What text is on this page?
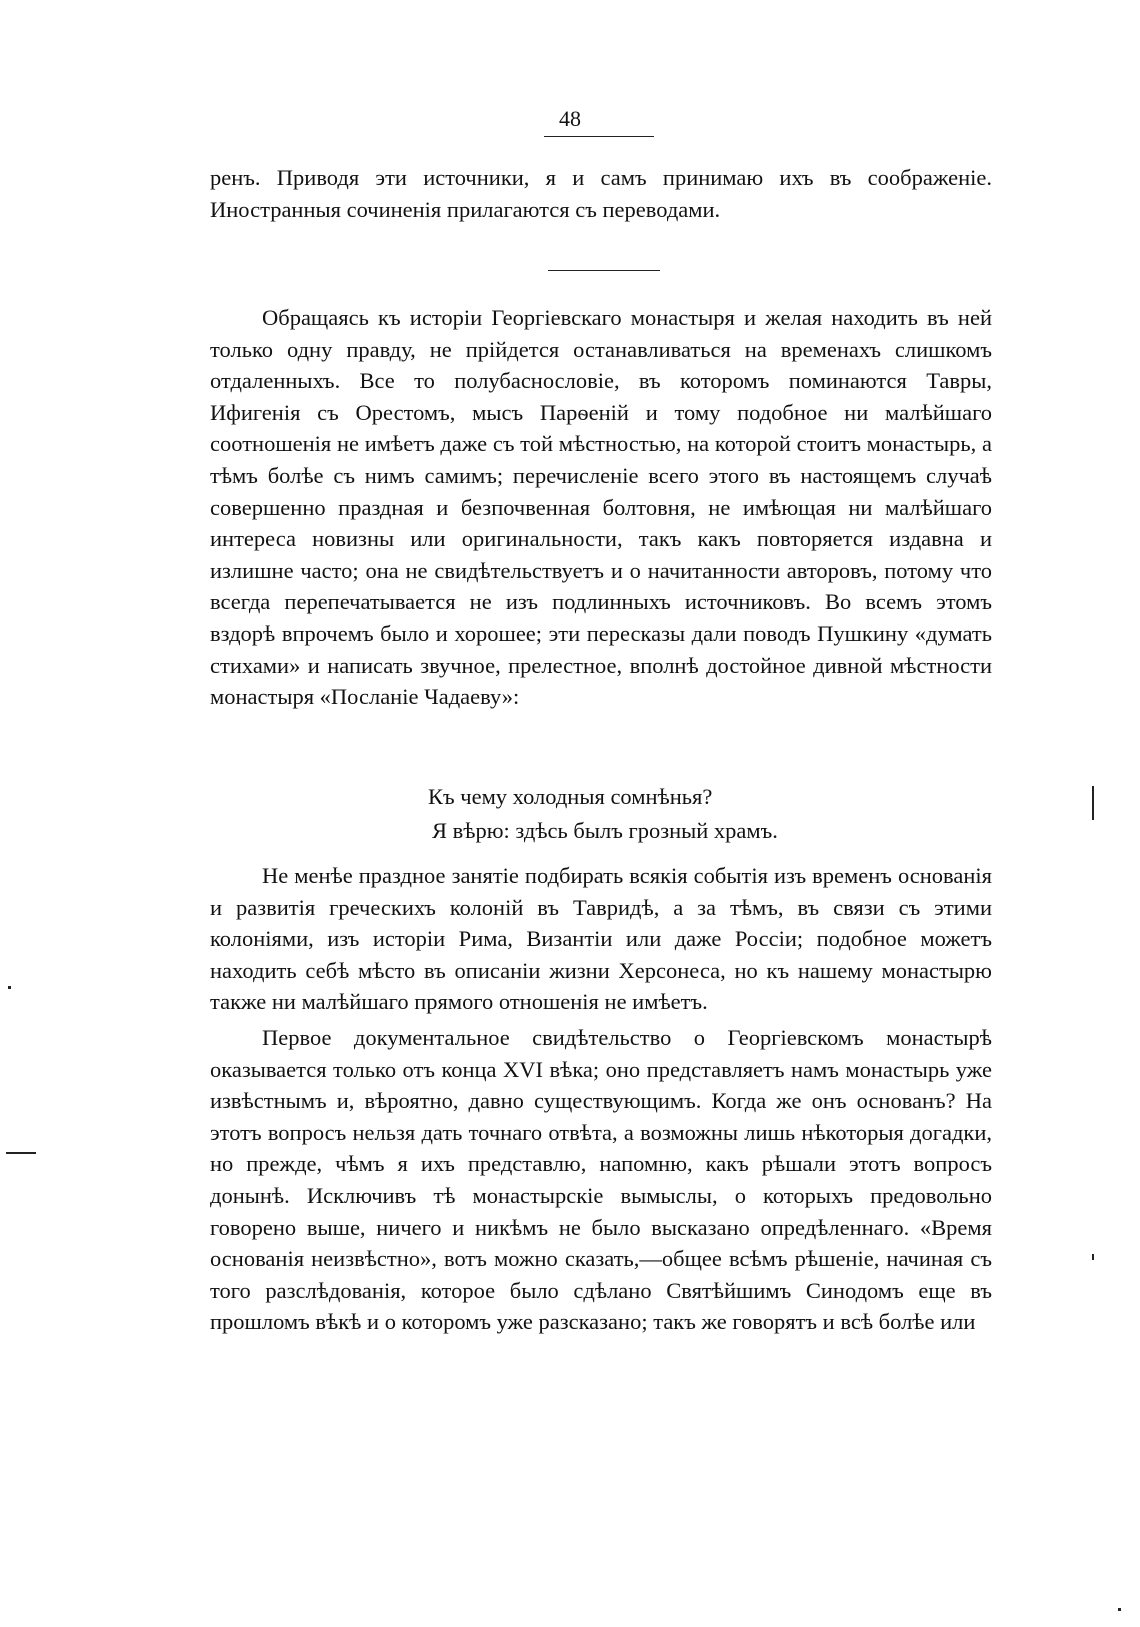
48

ренъ. Приводя эти источники, я и самъ принимаю ихъ въ соображеніе. Иностранныя сочиненія прилагаются съ переводами.

Обращаясь къ исторіи Георгіевскаго монастыря и желая находить въ ней только одну правду, не прійдется останавливаться на временахъ слишкомъ отдаленныхъ. Все то полубаснословіе, въ которомъ поминаются Тавры, Ифигенія съ Орестомъ, мысъ Парѳеній и тому подобное ни малѣйшаго соотношенія не имѣетъ даже съ той мѣстностью, на которой стоитъ монастырь, а тѣмъ болѣе съ нимъ самимъ; перечисленіе всего этого въ настоящемъ случаѣ совершенно праздная и безпочвенная болтовня, не имѣющая ни малѣйшаго интереса новизны или оригинальности, такъ какъ повторяется издавна и излишне часто; она не свидѣтельствуетъ и о начитанности авторовъ, потому что всегда перепечатывается не изъ подлинныхъ источниковъ. Во всемъ этомъ вздорѣ впрочемъ было и хорошее; эти пересказы дали поводъ Пушкину «думать стихами» и написать звучное, прелестное, вполнѣ достойное дивной мѣстности монастыря «Посланіе Чадаеву»:

Къ чему холодныя сомнѣнья?
Я вѣрю: здѣсь былъ грозный храмъ.

Не менѣе праздное занятіе подбирать всякія событія изъ временъ основанія и развитія греческихъ колоній въ Тавридѣ, а за тѣмъ, въ связи съ этими колоніями, изъ исторіи Рима, Византіи или даже Россіи; подобное можетъ находить себѣ мѣсто въ описаніи жизни Херсонеса, но къ нашему монастырю также ни малѣйшаго прямого отношенія не имѣетъ.

Первое документальное свидѣтельство о Георгіевскомъ монастырѣ оказывается только отъ конца XVI вѣка; оно представляетъ намъ монастырь уже извѣстнымъ и, вѣроятно, давно существующимъ. Когда же онъ основанъ? На этотъ вопросъ нельзя дать точнаго отвѣта, а возможны лишь нѣкоторыя догадки, но прежде, чѣмъ я ихъ представлю, напомню, какъ рѣшали этотъ вопросъ донынѣ. Исключивъ тѣ монастырскіе вымыслы, о которыхъ предовольно говорено выше, ничего и никѣмъ не было высказано опредѣленнаго. «Время основанія неизвѣстно», вотъ можно сказать,—общее всѣмъ рѣшеніе, начиная съ того разслѣдованія, которое было сдѣлано Святѣйшимъ Синодомъ еще въ прошломъ вѣкѣ и о которомъ уже разсказано; такъ же говорятъ и всѣ болѣе или
